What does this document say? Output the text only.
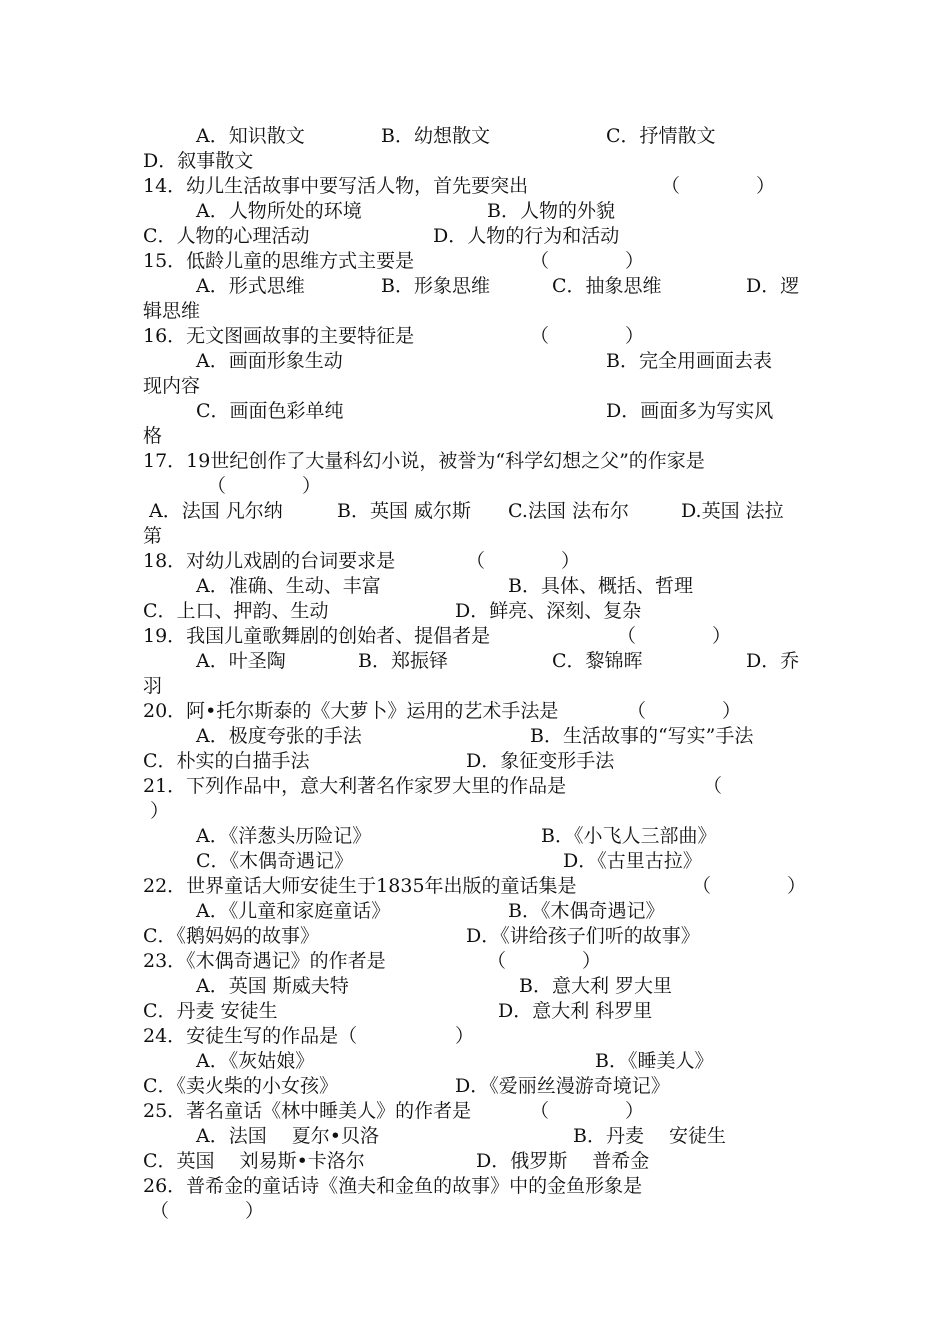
A．知识散文

	B．幼想散文

	C．抒情散文

D．叙事散文

14．幼儿生活故事中要写活人物，首先要突出

	（　　　　）

A．人物所处的环境

	B．人物的外貌

C．人物的心理活动

	D．人物的行为和活动

15．低龄儿童的思维方式主要是

	（　　　　）

A．形式思维

	B．形象思维

	C．抽象思维

	D．逻

辑思维

16．无文图画故事的主要特征是

	（　　　　）

A．画面形象生动

	B．完全用画面去表

现内容

C．画面色彩单纯

	D．画面多为写实风

格

17．19世纪创作了大量科幻小说，被誉为“科学幻想之父”的作家是

（　　　　）

A．法国 凡尔纳

	B．英国 威尔斯

C.法国 法布尔

	D.英国 法拉

第

18．对幼儿戏剧的台词要求是

	（　　　　）

A．准确、生动、丰富

	B．具体、概括、哲理

C．上口、押韵、生动

	D．鲜亮、深刻、复杂

19．我国儿童歌舞剧的创始者、提倡者是

	（　　　　）

A．叶圣陶

	B．郑振铎

	C．黎锦晖

	D．乔

羽

20．阿•托尔斯泰的《大萝卜》运用的艺术手法是

	（　　　　）

A．极度夸张的手法

	B．生活故事的“写实”手法

C．朴实的白描手法

	D．象征变形手法

21．下列作品中，意大利著名作家罗大里的作品是

	（

）

A．《洋葱头历险记》

	B．《小飞人三部曲》

C．《木偶奇遇记》

	D．《古里古拉》

22．世界童话大师安徒生于1835年出版的童话集是

	（　　　　）

A．《儿童和家庭童话》

	B．《木偶奇遇记》

C．《鹅妈妈的故事》

	D．《讲给孩子们听的故事》

23．《木偶奇遇记》的作者是

	（　　　　）

A．英国 斯威夫特

	B．意大利 罗大里

C．丹麦 安徒生

	D．意大利 科罗里

24．安徒生写的作品是（

	）

A．《灰姑娘》

	B．《睡美人》

C．《卖火柴的小女孩》

	D．《爱丽丝漫游奇境记》

25．著名童话《林中睡美人》的作者是

	（　　　　）

A．法国　 夏尔•贝洛

	B．丹麦　 安徒生

C．英国　 刘易斯•卡洛尔

	D．俄罗斯　 普希金

26．普希金的童话诗《渔夫和金鱼的故事》中的金鱼形象是

（　　　　）
